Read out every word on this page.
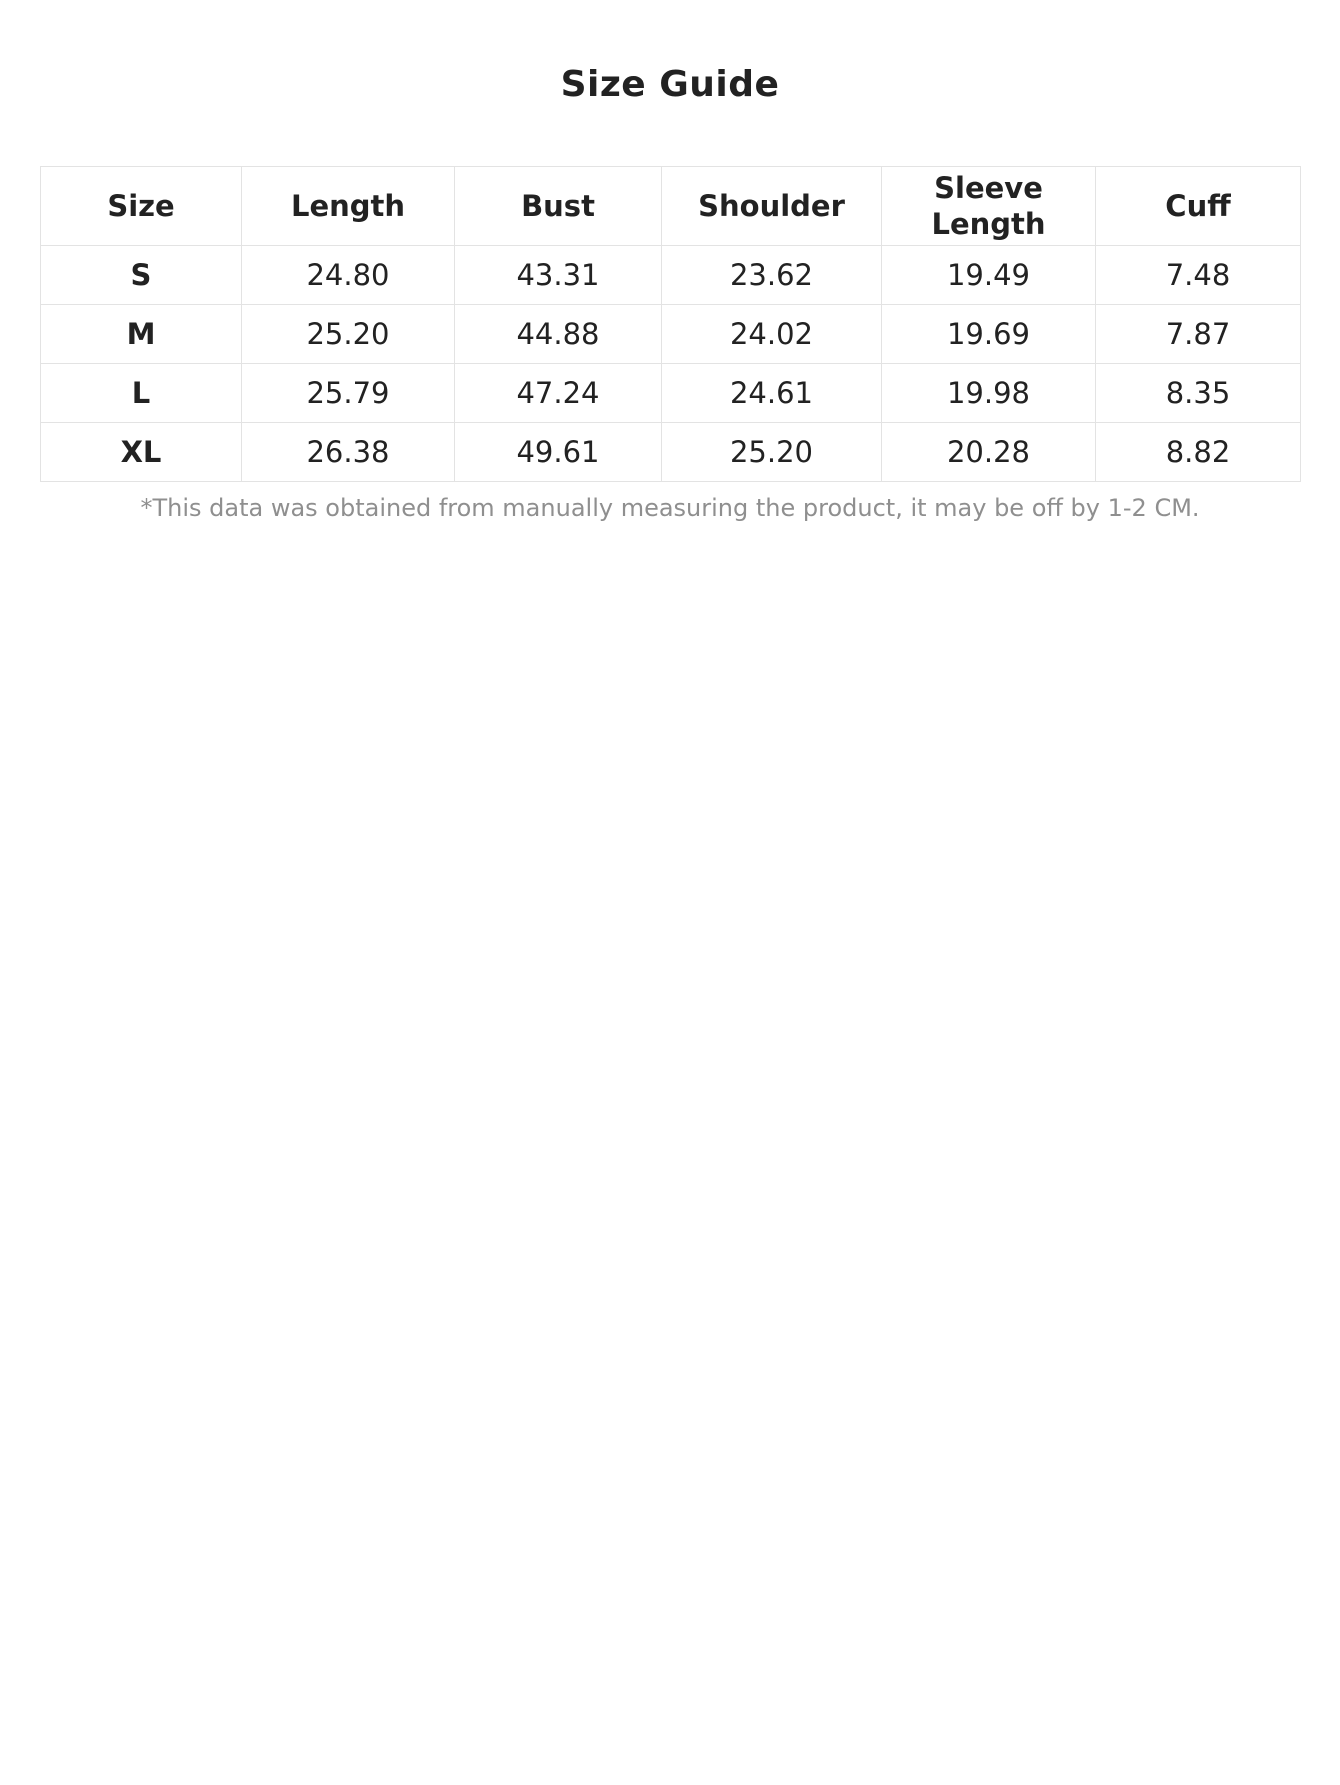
Size Guide
Size	Length	Bust	Shoulder	Sleeve Length	Cuff
S	24.80	43.31	23.62	19.49	7.48
M	25.20	44.88	24.02	19.69	7.87
L	25.79	47.24	24.61	19.98	8.35
XL	26.38	49.61	25.20	20.28	8.82
*This data was obtained from manually measuring the product, it may be off by 1-2 CM.
